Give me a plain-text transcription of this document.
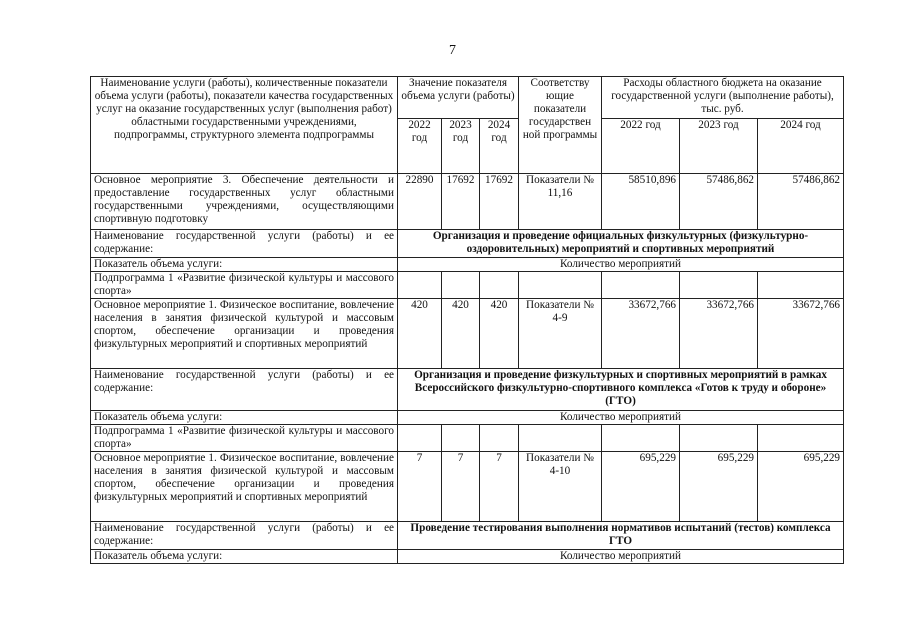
7
Наименование услуги (работы), количественные показатели объема услуги (работы), показатели качества государственных услуг на оказание государственных услуг (выполнения работ) областными государственными учреждениями, подпрограммы, структурного элемента подпрограммы	Значение показателя объема услуги (работы)			Соответству ющие показатели государствен ной программы	Расходы областного бюджета на оказание государственной услуги (выполнение работы), тыс. руб.		
	2022 год	2023 год	2024 год		2022 год	2023 год	2024 год
Основное мероприятие 3. Обеспечение деятельности и предоставление государственных услуг областными государственными учреждениями, осуществляющими спортивную подготовку	22890	17692	17692	Показатели № 11,16	58510,896	57486,862	57486,862
Наименование государственной услуги (работы) и ее содержание:	Организация и проведение официальных физкультурных (физкультурно-оздоровительных) мероприятий и спортивных мероприятий						
Показатель объема услуги:	Количество мероприятий						
Подпрограмма 1 «Развитие физической культуры и массового спорта»							
Основное мероприятие 1. Физическое воспитание, вовлечение населения в занятия физической культурой и массовым спортом, обеспечение организации и проведения физкультурных мероприятий и спортивных мероприятий	420	420	420	Показатели № 4-9	33672,766	33672,766	33672,766
Наименование государственной услуги (работы) и ее содержание:	Организация и проведение физкультурных и спортивных мероприятий в рамках Всероссийского физкультурно-спортивного комплекса «Готов к труду и обороне» (ГТО)						
Показатель объема услуги:	Количество мероприятий						
Подпрограмма 1 «Развитие физической культуры и массового спорта»							
Основное мероприятие 1. Физическое воспитание, вовлечение населения в занятия физической культурой и массовым спортом, обеспечение организации и проведения физкультурных мероприятий и спортивных мероприятий	7	7	7	Показатели № 4-10	695,229	695,229	695,229
Наименование государственной услуги (работы) и ее содержание:	Проведение тестирования выполнения нормативов испытаний (тестов) комплекса ГТО						
Показатель объема услуги:	Количество мероприятий						
